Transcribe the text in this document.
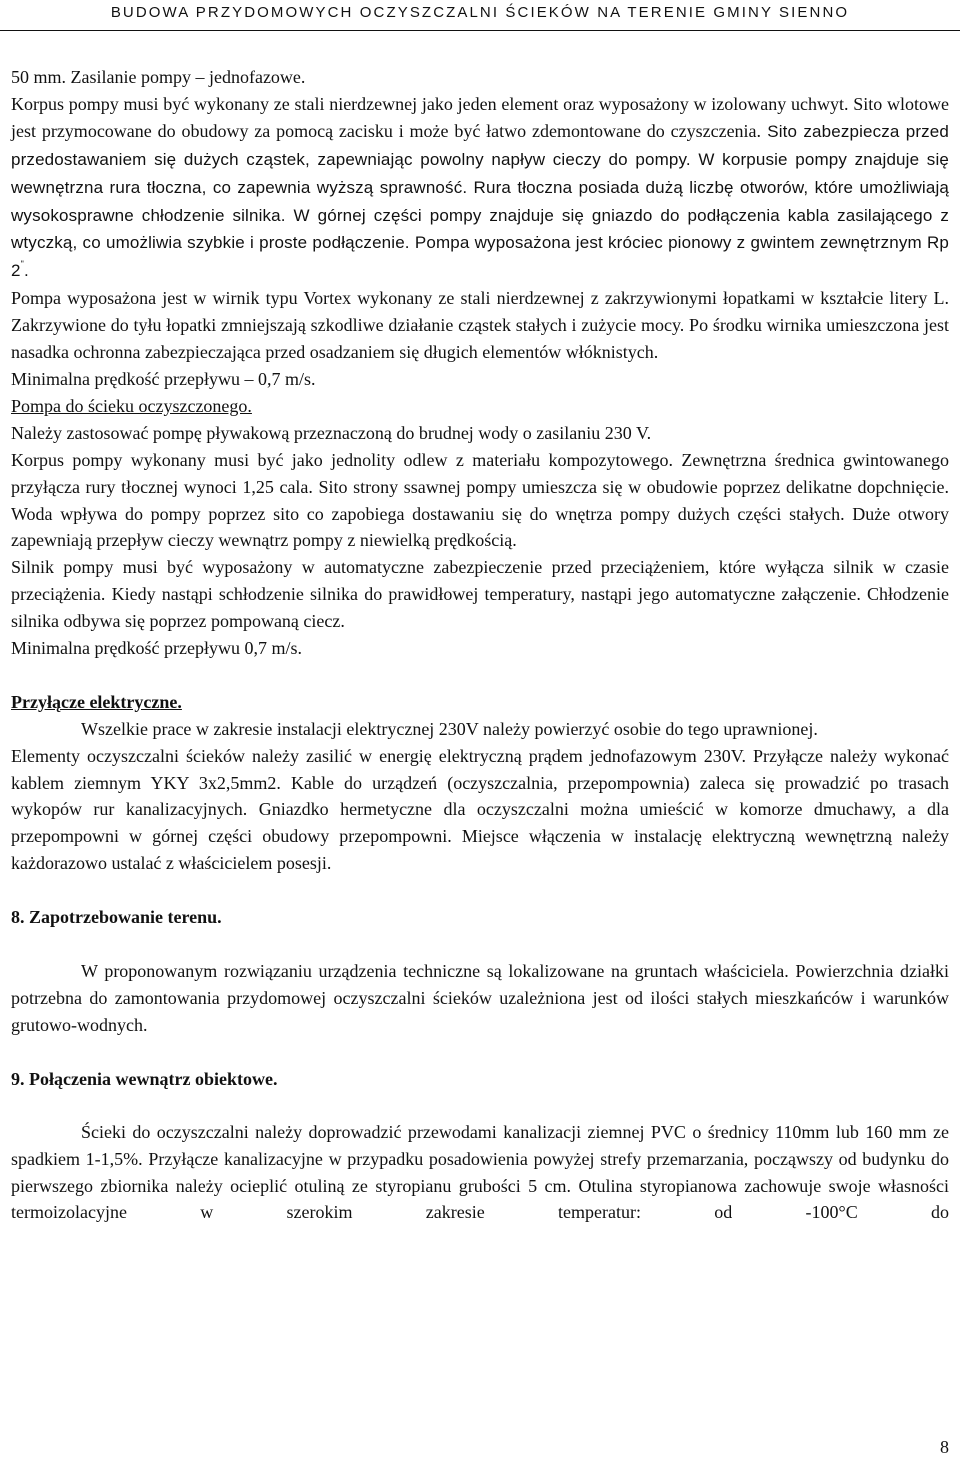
BUDOWA PRZYDOMOWYCH OCZYSZCZALNI ŚCIEKÓW NA TERENIE GMINY SIENNO

50 mm. Zasilanie pompy – jednofazowe.

Korpus pompy musi być wykonany ze stali nierdzewnej jako jeden element oraz wyposażony w izolowany uchwyt. Sito wlotowe jest przymocowane do obudowy za pomocą zacisku i może być łatwo zdemontowane do czyszczenia. Sito zabezpiecza przed przedostawaniem się dużych cząstek, zapewniając powolny napływ cieczy do pompy. W korpusie pompy znajduje się wewnętrzna rura tłoczna, co zapewnia wyższą sprawność. Rura tłoczna posiada dużą liczbę otworów, które umożliwiają wysokosprawne chłodzenie silnika. W górnej części pompy znajduje się gniazdo do podłączenia kabla zasilającego z wtyczką, co umożliwia szybkie i proste podłączenie. Pompa wyposażona jest króciec pionowy z gwintem zewnętrznym Rp 2".

Pompa wyposażona jest w wirnik typu Vortex wykonany ze stali nierdzewnej z zakrzywionymi łopatkami w kształcie litery L. Zakrzywione do tyłu łopatki zmniejszają szkodliwe działanie cząstek stałych i zużycie mocy. Po środku wirnika umieszczona jest nasadka ochronna zabezpieczająca przed osadzaniem się długich elementów włóknistych.

Minimalna prędkość przepływu – 0,7 m/s.

Pompa do ścieku oczyszczonego.

Należy zastosować pompę pływakową przeznaczoną do brudnej wody o zasilaniu 230 V.

Korpus pompy wykonany musi być jako jednolity odlew z materiału kompozytowego. Zewnętrzna średnica gwintowanego przyłącza rury tłocznej wynoci 1,25 cala. Sito strony ssawnej pompy umieszcza się w obudowie poprzez delikatne dopchnięcie. Woda wpływa do pompy poprzez sito co zapobiega dostawaniu się do wnętrza pompy dużych części stałych. Duże otwory zapewniają przepływ cieczy wewnątrz pompy z niewielką prędkością.

Silnik pompy musi być wyposażony w automatyczne zabezpieczenie przed przeciążeniem, które wyłącza silnik w czasie przeciążenia. Kiedy nastąpi schłodzenie silnika do prawidłowej temperatury, nastąpi jego automatyczne załączenie. Chłodzenie silnika odbywa się poprzez pompowaną ciecz.

Minimalna prędkość przepływu 0,7 m/s.

Przyłącze elektryczne.

Wszelkie prace w zakresie instalacji elektrycznej 230V należy powierzyć osobie do tego uprawnionej.

Elementy oczyszczalni ścieków należy zasilić w energię elektryczną prądem jednofazowym 230V. Przyłącze należy wykonać kablem ziemnym YKY 3x2,5mm2. Kable do urządzeń (oczyszczalnia, przepompownia) zaleca się prowadzić po trasach wykopów rur kanalizacyjnych. Gniazdko hermetyczne dla oczyszczalni można umieścić w komorze dmuchawy, a dla przepompowni w górnej części obudowy przepompowni. Miejsce włączenia w instalację elektryczną wewnętrzną należy każdorazowo ustalać z właścicielem posesji.

8. Zapotrzebowanie terenu.

W proponowanym rozwiązaniu urządzenia techniczne są lokalizowane na gruntach właściciela. Powierzchnia działki potrzebna do zamontowania przydomowej oczyszczalni ścieków uzależniona jest od ilości stałych mieszkańców i warunków grutowo-wodnych.

9. Połączenia wewnątrz obiektowe.

Ścieki do oczyszczalni należy doprowadzić przewodami kanalizacji ziemnej PVC o średnicy 110mm lub 160 mm ze spadkiem 1-1,5%. Przyłącze kanalizacyjne w przypadku posadowienia powyżej strefy przemarzania, począwszy od budynku do pierwszego zbiornika należy ocieplić otuliną ze styropianu grubości 5 cm. Otulina styropianowa zachowuje swoje własności termoizolacyjne w szerokim zakresie temperatur: od -100°C do

8
